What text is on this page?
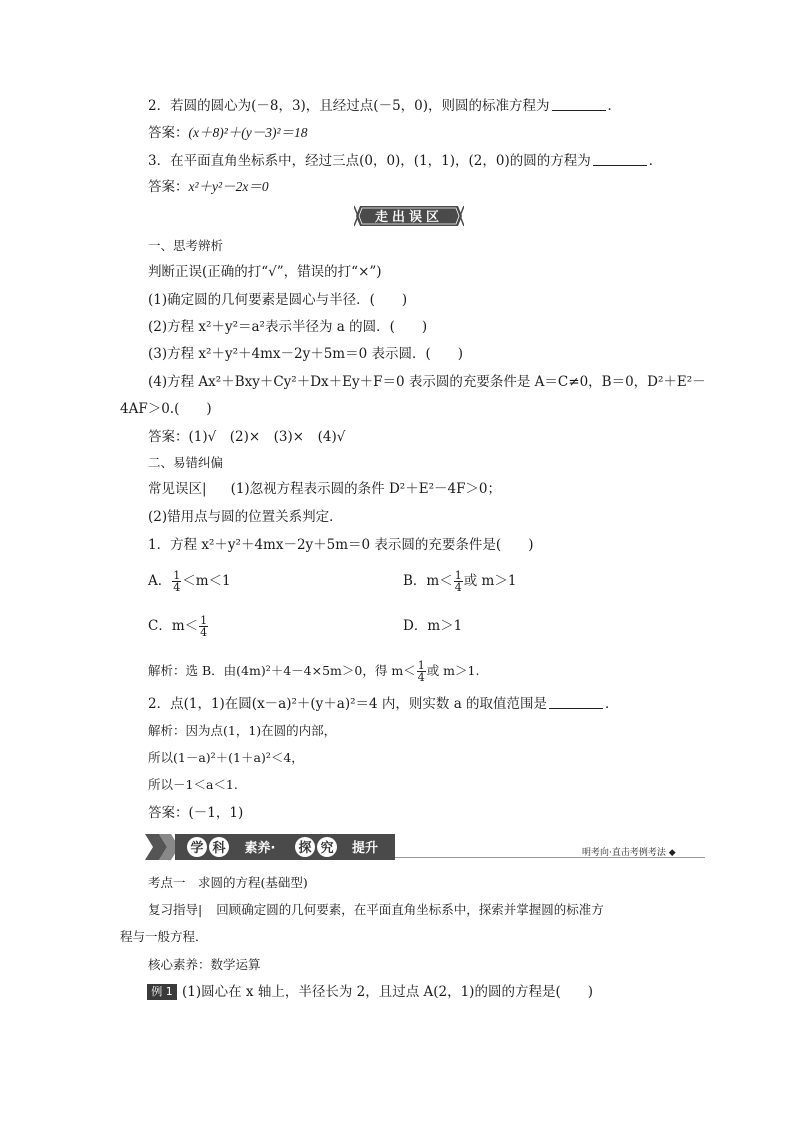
2．若圆的圆心为(－8，3)，且经过点(－5，0)，则圆的标准方程为	．
答案：(x＋8)²＋(y－3)²＝18
3．在平面直角坐标系中，经过三点(0，0)，(1，1)，(2，0)的圆的方程为	．
答案：x²＋y²－2x＝0
走出误区
一、思考辨析
判断正误(正确的打“√”，错误的打“×”)
(1)确定圆的几何要素是圆心与半径．(　　)
(2)方程 x²＋y²＝a²表示半径为 a 的圆．(　　)
(3)方程 x²＋y²＋4mx－2y＋5m＝0 表示圆．(　　)
(4)方程 Ax²＋Bxy＋Cy²＋Dx＋Ey＋F＝0 表示圆的充要条件是 A＝C≠0，B＝0，D²＋E²－
4AF＞0.(　　)
答案：(1)√　(2)×　(3)×　(4)√
二、易错纠偏
常见误区| (1)忽视方程表示圆的条件 D²＋E²－4F＞0；
(2)错用点与圆的位置关系判定．
1．方程 x²＋y²＋4mx－2y＋5m＝0 表示圆的充要条件是(　　)
A． $\frac{1}{4} <m<1$	B．$m< \frac{1}{4}$ 或 m＞1
C．$m< \frac{1}{4}$	D．m＞1
解析：选 B．由(4m)²＋4－4×5m＞0，得 $m< \frac{1}{4}$ 或 m＞1.
2．点(1，1)在圆(x－a)²＋(y＋a)²＝4 内，则实数 a 的取值范围是	．
解析：因为点(1，1)在圆的内部，
所以(1－a)²＋(1＋a)²＜4，
所以－1＜a＜1.
答案：(－1，1)
学 科 素养· 探 究 提升	明考向·直击考例考法 ◆
考点一　求圆的方程(基础型)
复习指导| 回顾确定圆的几何要素，在平面直角坐标系中，探索并掌握圆的标准方
程与一般方程．
核心素养：数学运算
例 1 (1)圆心在 x 轴上，半径长为 2，且过点 A(2，1)的圆的方程是(　　)
